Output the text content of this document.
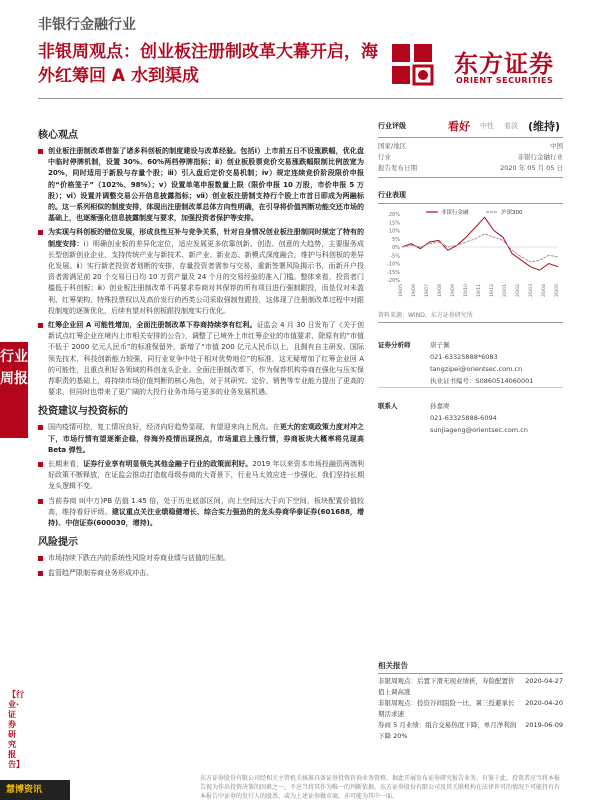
非银行金融行业
非银周观点：创业板注册制改革大幕开启，海外红筹回 A 水到渠成	东方证券
ORIENT SECURITIES
行业周报
【行业·证券研究报告】
核心观点
创业板注册制改革借鉴了诸多科创板的制度建设与改革经验。包括ⅰ）上市前五日不设涨跌幅，优化盘中临时停牌机制，设置 30%、60%两档停牌指标；ⅱ）创业板股票竞价交易涨跌幅限制比例放宽为 20%，同时适用于新股与存量个股；ⅲ）引入盘后定价交易机制；ⅳ）规定连续竞价阶段限价申报的“价格笼子”（102%、98%）；ⅴ）设置单笔申报数量上限（限价申报 10 万股，市价申报 5 万股）；ⅵ）设置并调整交易公开信息披露指标；ⅶ）创业板注册制支持行个股上市首日即成为两融标的。这一系列相似的制度安排，体现出注册制改革总体方向性明确，在引导将价值判断功能交还市场的基础上，也逐渐强化信息披露制度与要求，加强投资者保护等安排。
为实现与科创板的错位发展，形成良性互补与竞争关系，针对自身情况创业板注册制同时规定了特有的制度安排：ⅰ）明确创业板的差异化定位，适应发展更多依靠创新、创造、创意的大趋势，主要服务成长型创新创业企业，支持传统产业与新技术、新产业、新业态、新模式深度融合，维护与科创板的差异化发展。ⅱ）实行新老投资者划断的安排，存量投资者需参与交易，重新签署风险揭示书，而新开户投资者需满足前 20 个交易日日均 10 万资产量及 24 个月的交易经验的准入门槛。整体来看，投资者门槛低于科创板；ⅲ）创业板注册制改革不再要求券商对其保荐的所有项目进行强制跟投，而是仅对未盈利、红筹架构、特殊投票权以及高价发行的西类公司采取强制性跟投，这体现了注册制改革过程中对跟投制度的逐渐优化，后续有望对科创板跟投制度实行优化。
红筹企业回 A 可能性增加，全面注册制改革下券商持续享有红利。证监会 4 月 30 日发布了《关于创新试点红筹企业在境内上市相关安排的公告》，调整了已境外上市红筹企业的市值要求，除原有的“市值不低于 2000 亿元人民币”的标准保留外，新增了“市值 200 亿元人民币以上，且拥有自主研发、国际领先技术，科技创新能力较强，同行业竞争中处于相对优势地位”的标准，这无疑增加了红筹企业回 A 的可能性，且重点利好各领域的科创龙头企业。全面注册制改革下，作为保荐机构券商在强化与压实保荐职责的基础上，将持续市场价值判断的核心角色，对于其研究、定价、销售等专业能力提出了更高的要求，但同时也带来了更广阔的大投行业务市场与更多的业务发展机遇。
投资建议与投资标的
国内疫情可控，复工情况良好，经济向好趋势显现，有望迎来向上拐点。在更大的宏观政策力度对冲之下，市场行情有望逐渐企稳，待海外疫情出现拐点，市场重启上涨行情，券商板块大概率将兑现高 Beta 弹性。
长期来看，证券行业享有明显领先其他金融子行业的政策面利好。2019 年以来资本市场投融资两端利好政策不断释放，在证监会推动打造航母级券商的大背景下，行业马太效应进一步强化，我们坚持长期龙头逻辑不变。
当前券商 II(中万)PB 估值 1.45 倍，处于历史底部区间，向上空间远大于向下空间，板块配置价值较高，维持看好评级。建议重点关注业绩稳健增长、综合实力强劲的的龙头券商华泰证券(601688，增持)、中信证券(600030，增持)。
风险提示
市场持续下跌在内的系统性风险对券商业绩与估值的压制。
监管趋严限制券商业务形成冲击。
行业评级	看好 中性 看淡 (维持)
国家/地区	中国
行业	非银行金融行业
报告发布日期	2020 年 05 月 05 日
行业表现
20%
15%
10%
5%
0%
-5%
-10%
-15%
-20%
非银行金融	沪深300
19/05 19/06 19/07 19/08 19/09 19/10 19/11 19/12 20/01 20/02 20/03 20/04 20/05
资料来源：WIND、东方证券研究所
证券分析师	唐子佩
021-63325888*6083
tangzipei@orientsec.com.cn
执业证书编号：S0860514060001
联系人	孙嘉赓
021-63325888-6094
sunjiageng@orientsec.com.cn
相关报告
非银周观点：后置下滑无现业绩析，寿险配置价值上调高涨
2020-04-27
非银周观点：投资谷间阻险一比，暑三投避承长期活求速
2020-04-20
券商 5 月业绩：组合交易热度下降，单月净利润下降 20%
2019-06-09
慧博资讯
东方证券股份有限公司经相关主管机关核准具备证券投资咨询业务资格，据此开展发布证券研究报告业务。有鉴于此，投资者应当将本报告视为作出投资决策的因素之一，不应当将其作为唯一的判断依据。东方证券股份有限公司及其关联机构在法律许可的情况下可能持有有本报告中证券的发行人的股票，或为上述证券做市商，亦可能为其中一面。
